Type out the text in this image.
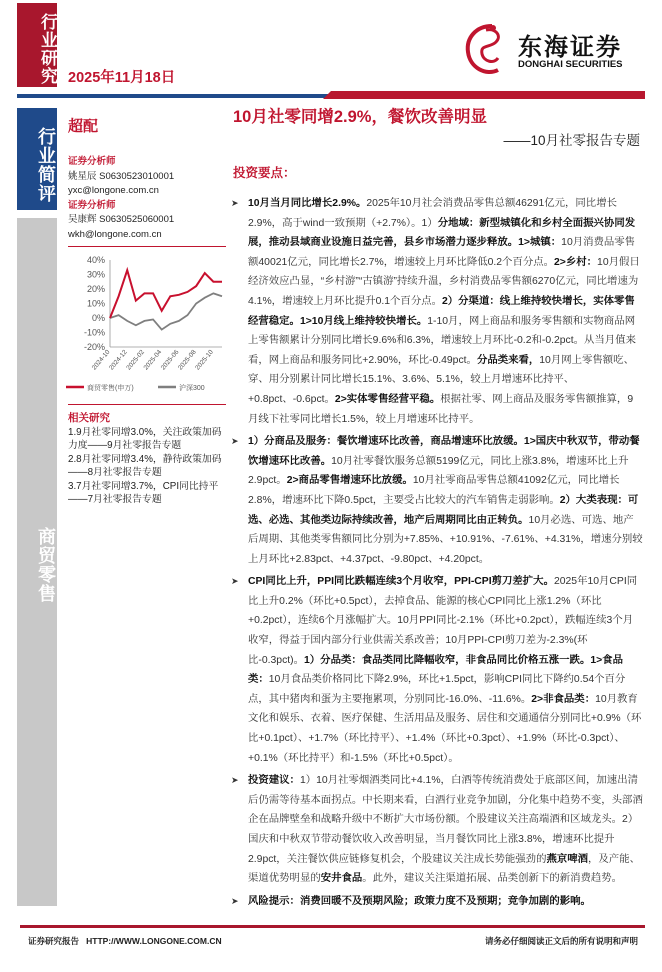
行业研究
行业简评
商贸零售
2025年11月18日
东海证券
DONGHAI SECURITIES
超配
证券分析师
姚星辰 S0630523010001
yxc@longone.com.cn
证券分析师
吴康辉 S0630525060001
wkh@longone.com.cn
40%
30%
20%
10%
0%
-10%
-20%
2024-10
2024-12
2025-02
2025-04
2025-06
2025-08
2025-10
商贸零售(申万)	沪深300
相关研究
1.9月社零同增3.0%，关注政策加码力度——9月社零报告专题
2.8月社零同增3.4%，静待政策加码——8月社零报告专题
3.7月社零同增3.7%，CPI同比持平——7月社零报告专题
10月社零同增2.9%，餐饮改善明显
——10月社零报告专题
投资要点：
➤ 10月当月同比增长2.9%。2025年10月社会消费品零售总额46291亿元，同比增长2.9%，高于wind一致预期（+2.7%）。1）分地域：新型城镇化和乡村全面振兴协同发展，推动县域商业设施日益完善，县乡市场潜力逐步释放。1>城镇：10月消费品零售额40021亿元，同比增长2.7%，增速较上月环比降低0.2个百分点。2>乡村：10月假日经济效应凸显，“乡村游”“古镇游”持续升温，乡村消费品零售额6270亿元，同比增速为4.1%，增速较上月环比提升0.1个百分点。2）分渠道：线上维持较快增长，实体零售经营稳定。1>10月线上维持较快增长。1-10月，网上商品和服务零售额和实物商品网上零售额累计分别同比增长9.6%和6.3%，增速较上月环比-0.2和-0.2pct。从当月值来看，网上商品和服务同比+2.90%，环比-0.49pct。分品类来看，10月网上零售额吃、穿、用分别累计同比增长15.1%、3.6%、5.1%，较上月增速环比持平、+0.8pct、-0.6pct。2>实体零售经营平稳。根据社零、网上商品及服务零售额推算，9月线下社零同比增长1.5%，较上月增速环比持平。
➤ 1）分商品及服务：餐饮增速环比改善，商品增速环比放缓。1>国庆中秋双节，带动餐饮增速环比改善。10月社零餐饮服务总额5199亿元，同比上涨3.8%，增速环比上升2.9pct。2>商品零售增速环比放缓。10月社零商品零售总额41092亿元，同比增长2.8%，增速环比下降0.5pct，主要受占比较大的汽车销售走弱影响。2）大类表现：可选、必选、其他类边际持续改善，地产后周期同比由正转负。10月必选、可选、地产后周期、其他类零售额同比分别为+7.85%、+10.91%、-7.61%、+4.31%，增速分别较上月环比+2.83pct、+4.37pct、-9.80pct、+4.20pct。
➤ CPI同比上升，PPI同比跌幅连续3个月收窄，PPI-CPI剪刀差扩大。2025年10月CPI同比上升0.2%（环比+0.5pct），去掉食品、能源的核心CPI同比上涨1.2%（环比+0.2pct），连续6个月涨幅扩大。10月PPI同比-2.1%（环比+0.2pct），跌幅连续3个月收窄，得益于国内部分行业供需关系改善；10月PPI-CPI剪刀差为-2.3%(环比-0.3pct)。1）分品类：食品类同比降幅收窄，非食品同比价格五涨一跌。1>食品类：10月食品类价格同比下降2.9%，环比+1.5pct，影响CPI同比下降约0.54个百分点，其中猪肉和蛋为主要拖累项，分别同比-16.0%、-11.6%。2>非食品类：10月教育文化和娱乐、衣着、医疗保健、生活用品及服务、居住和交通通信分别同比+0.9%（环比+0.1pct）、+1.7%（环比持平）、+1.4%（环比+0.3pct）、+1.9%（环比-0.3pct）、+0.1%（环比持平）和-1.5%（环比+0.5pct）。
➤ 投资建议：1）10月社零烟酒类同比+4.1%，白酒等传统消费处于底部区间，加速出清后仍需等待基本面拐点。中长期来看，白酒行业竞争加剧，分化集中趋势不变，头部酒企在品牌壁垒和战略升级中不断扩大市场份额。个股建议关注高端酒和区域龙头。2）国庆和中秋双节带动餐饮收入改善明显，当月餐饮同比上涨3.8%，增速环比提升2.9pct，关注餐饮供应链修复机会，个股建议关注成长势能强劲的燕京啤酒，及产能、渠道优势明显的安井食品。此外，建议关注渠道拓展、品类创新下的新消费趋势。
➤ 风险提示：消费回暖不及预期风险；政策力度不及预期；竞争加剧的影响。
证券研究报告 HTTP://WWW.LONGONE.COM.CN	请务必仔细阅读正文后的所有说明和声明
